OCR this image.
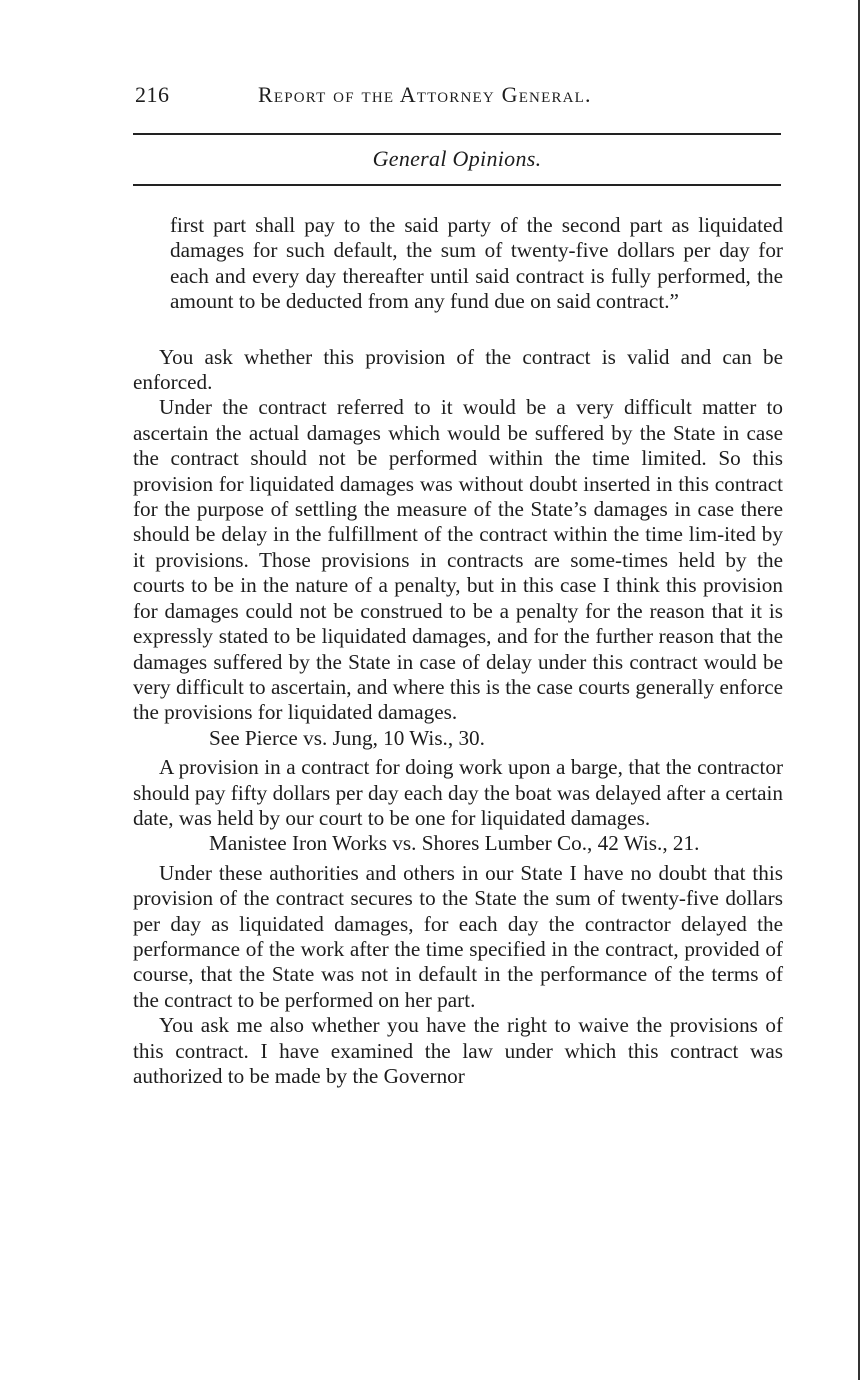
216	Report of the Attorney General.
General Opinions.

first part shall pay to the said party of the second part as liquidated damages for such default, the sum of twenty-five dollars per day for each and every day thereafter until said contract is fully performed, the amount to be deducted from any fund due on said contract.”

You ask whether this provision of the contract is valid and can be enforced.

Under the contract referred to it would be a very difficult matter to ascertain the actual damages which would be suffered by the State in case the contract should not be performed within the time limited. So this provision for liquidated damages was without doubt inserted in this contract for the purpose of settling the measure of the State’s damages in case there should be delay in the fulfillment of the contract within the time lim-ited by it provisions. Those provisions in contracts are some-times held by the courts to be in the nature of a penalty, but in this case I think this provision for damages could not be construed to be a penalty for the reason that it is expressly stated to be liquidated damages, and for the further reason that the damages suffered by the State in case of delay under this contract would be very difficult to ascertain, and where this is the case courts generally enforce the provisions for liquidated damages.

See Pierce vs. Jung, 10 Wis., 30.

A provision in a contract for doing work upon a barge, that the contractor should pay fifty dollars per day each day the boat was delayed after a certain date, was held by our court to be one for liquidated damages.

Manistee Iron Works vs. Shores Lumber Co., 42 Wis., 21.

Under these authorities and others in our State I have no doubt that this provision of the contract secures to the State the sum of twenty-five dollars per day as liquidated damages, for each day the contractor delayed the performance of the work after the time specified in the contract, provided of course, that the State was not in default in the performance of the terms of the contract to be performed on her part.

You ask me also whether you have the right to waive the provisions of this contract. I have examined the law under which this contract was authorized to be made by the Governor
